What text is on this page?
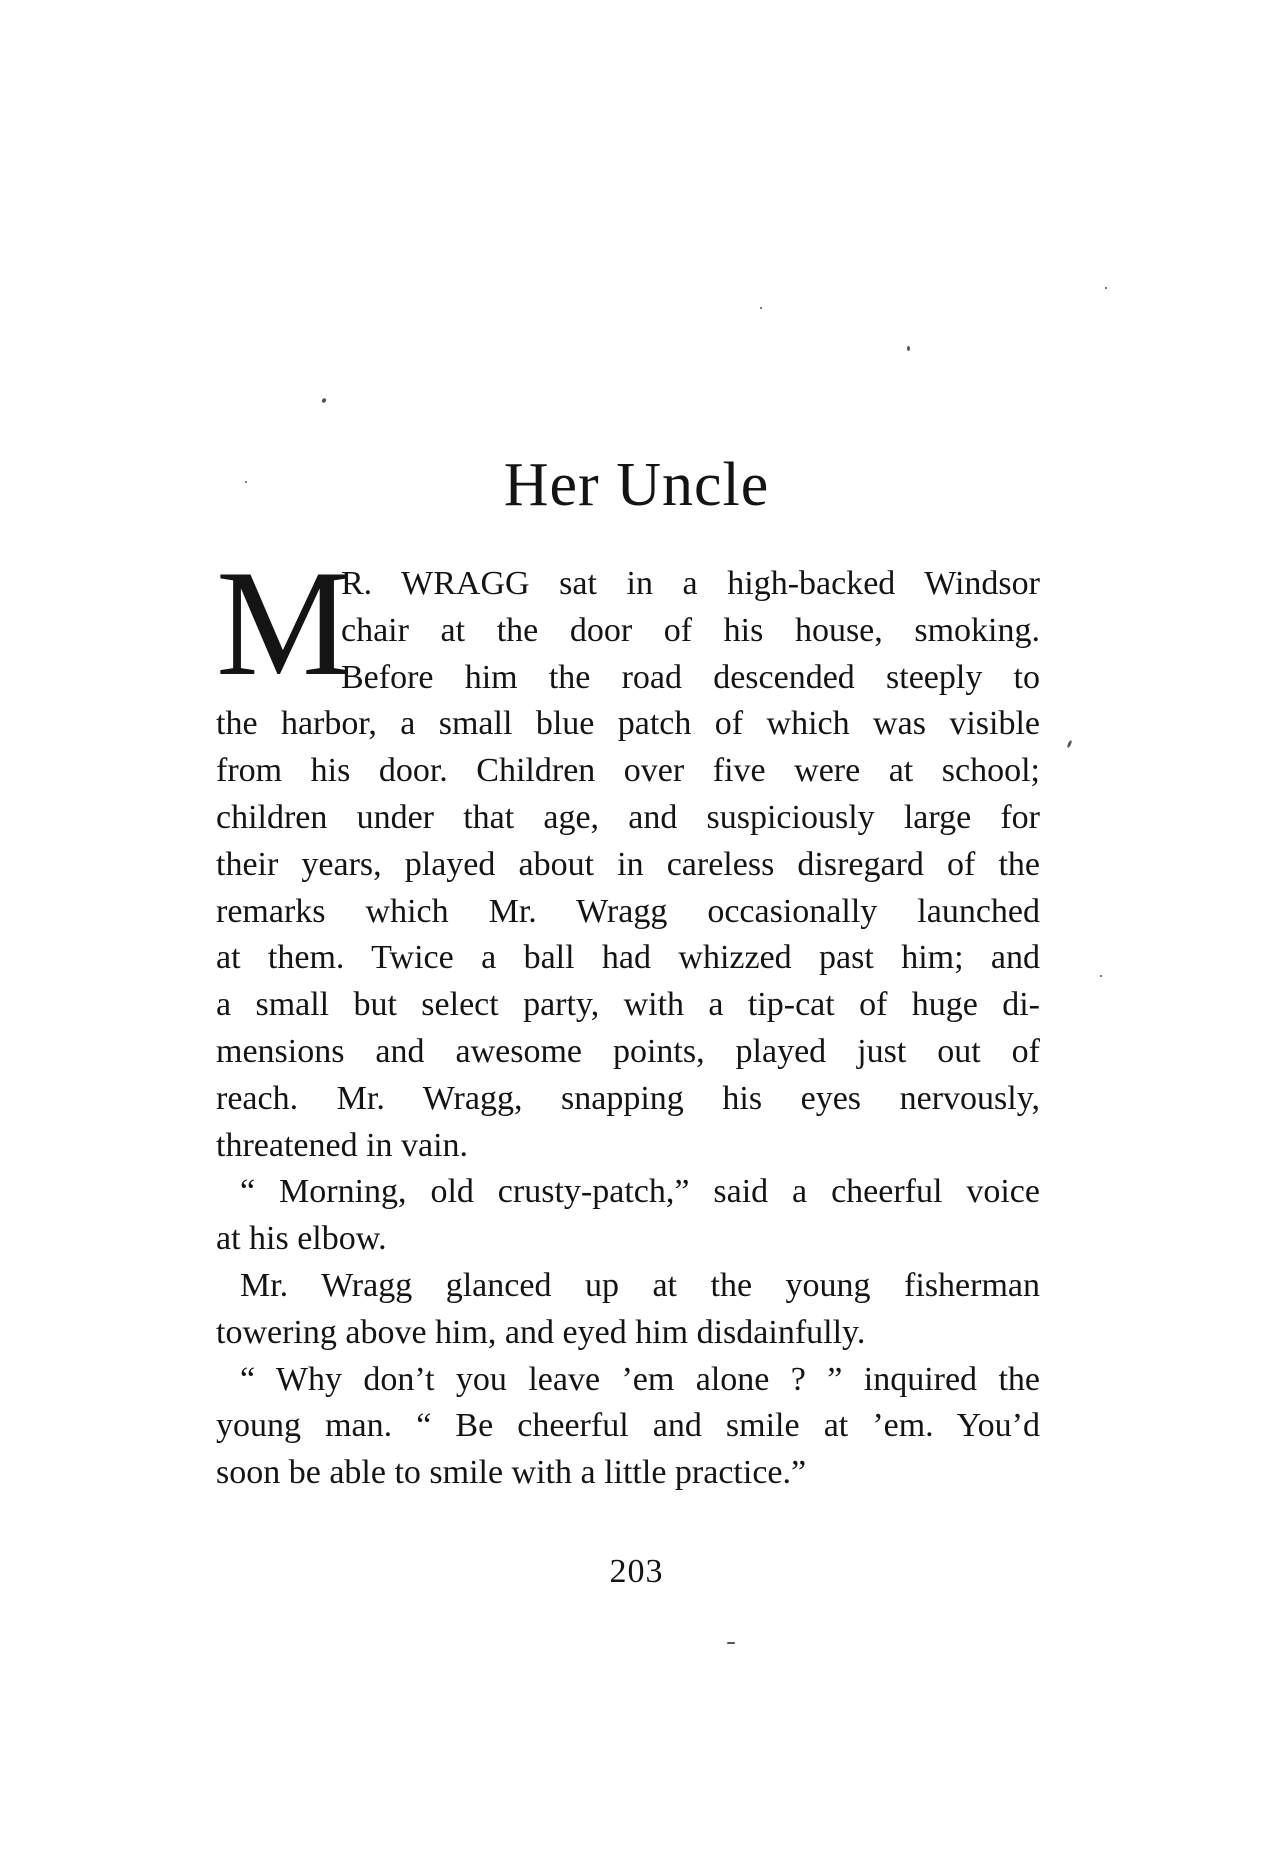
Her Uncle
M
R. WRAGG sat in a high-backed Windsor
chair at the door of his house, smoking.
Before him the road descended steeply to
the harbor, a small blue patch of which was visible
from his door. Children over five were at school;
children under that age, and suspiciously large for
their years, played about in careless disregard of the
remarks which Mr. Wragg occasionally launched
at them. Twice a ball had whizzed past him; and
a small but select party, with a tip-cat of huge di-
mensions and awesome points, played just out of
reach. Mr. Wragg, snapping his eyes nervously,
threatened in vain.
“ Morning, old crusty-patch,” said a cheerful voice
at his elbow.
Mr. Wragg glanced up at the young fisherman
towering above him, and eyed him disdainfully.
“ Why don’t you leave ’em alone ? ” inquired the
young man. “ Be cheerful and smile at ’em. You’d
soon be able to smile with a little practice.”
203
